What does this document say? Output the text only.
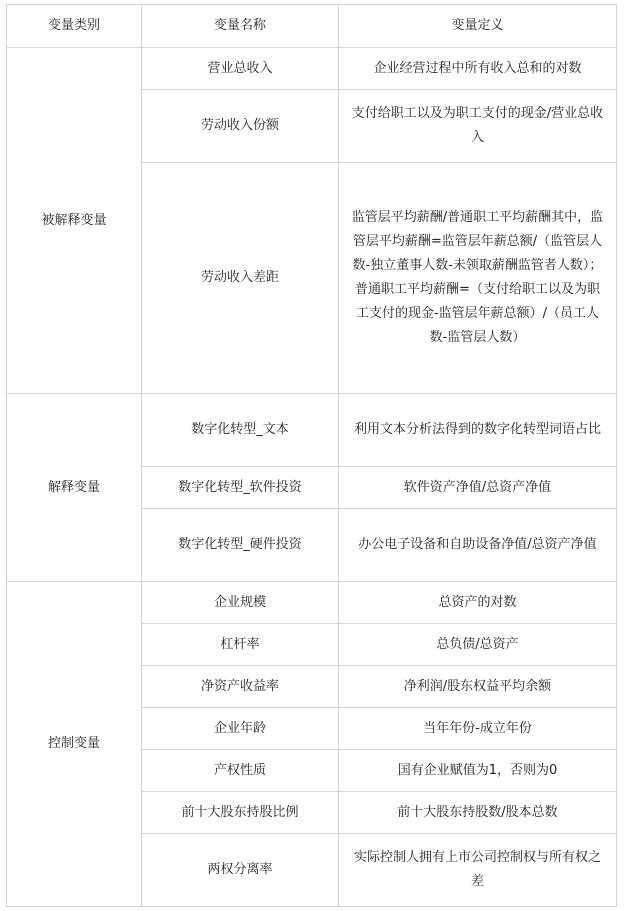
变量类别	变量名称	变量定义
被解释变量	营业总收入	企业经营过程中所有收入总和的对数
	劳动收入份额	支付给职工以及为职工支付的现金/营业总收入
	劳动收入差距	监管层平均薪酬/普通职工平均薪酬其中，监管层平均薪酬=监管层年薪总额/（监管层人数-独立董事人数-未领取薪酬监管者人数）；普通职工平均薪酬=（支付给职工以及为职工支付的现金-监管层年薪总额）/（员工人数-监管层人数）
解释变量	数字化转型_文本	利用文本分析法得到的数字化转型词语占比
	数字化转型_软件投资	软件资产净值/总资产净值
	数字化转型_硬件投资	办公电子设备和自助设备净值/总资产净值
控制变量	企业规模	总资产的对数
	杠杆率	总负债/总资产
	净资产收益率	净利润/股东权益平均余额
	企业年龄	当年年份-成立年份
	产权性质	国有企业赋值为1，否则为0
	前十大股东持股比例	前十大股东持股数/股本总数
	两权分离率	实际控制人拥有上市公司控制权与所有权之差
